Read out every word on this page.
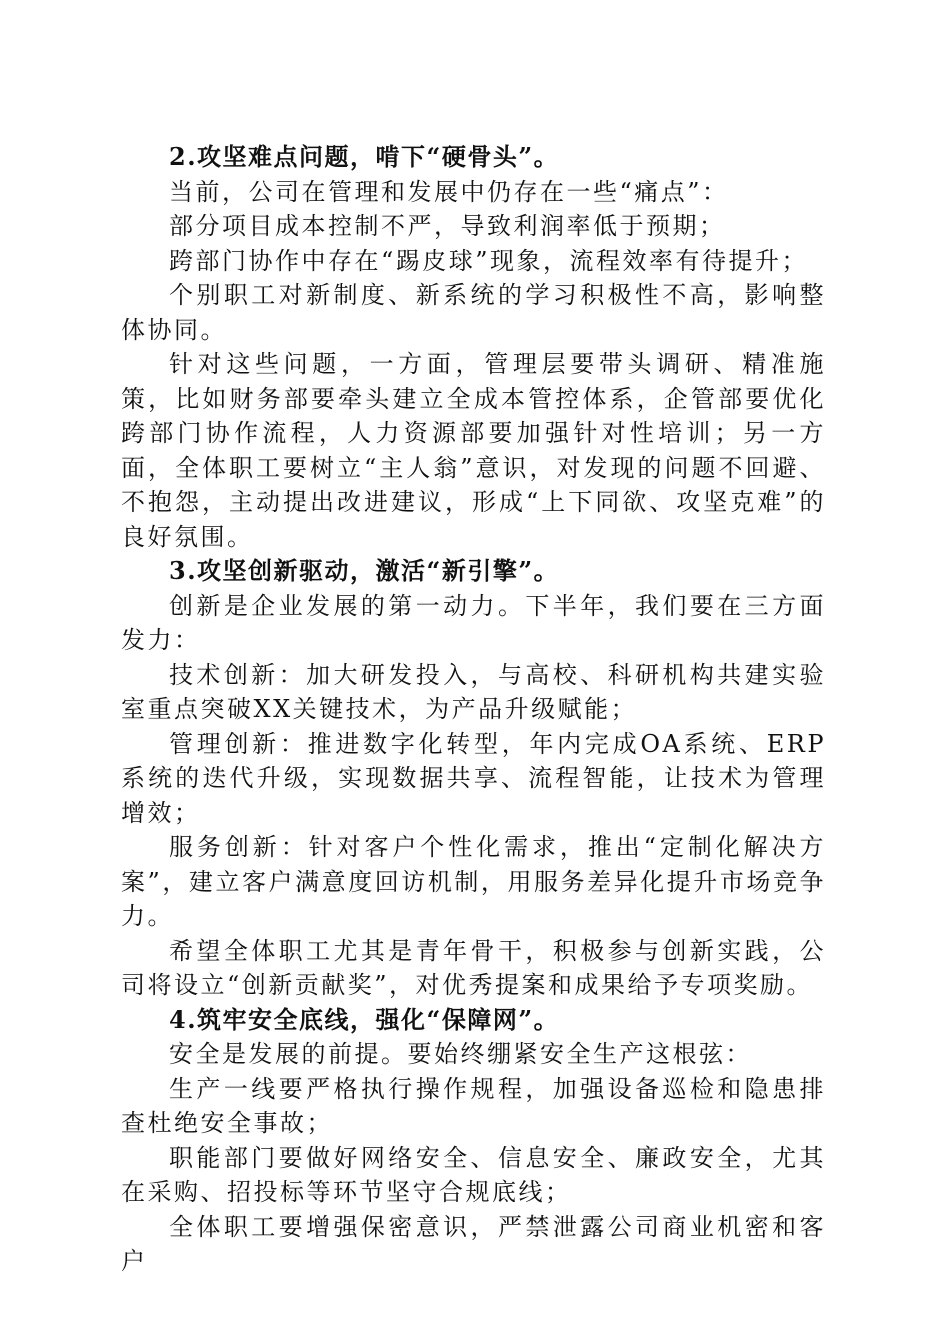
2.攻坚难点问题，啃下“硬骨头”。

当前，公司在管理和发展中仍存在一些“痛点”：

部分项目成本控制不严，导致利润率低于预期；

跨部门协作中存在“踢皮球”现象，流程效率有待提升；

个别职工对新制度、新系统的学习积极性不高，影响整体协同。

针对这些问题，一方面，管理层要带头调研、精准施策，比如财务部要牵头建立全成本管控体系，企管部要优化跨部门协作流程，人力资源部要加强针对性培训；另一方面，全体职工要树立“主人翁”意识，对发现的问题不回避、不抱怨，主动提出改进建议，形成“上下同欲、攻坚克难”的良好氛围。

3.攻坚创新驱动，激活“新引擎”。

创新是企业发展的第一动力。下半年，我们要在三方面发力：

技术创新：加大研发投入，与高校、科研机构共建实验室重点突破XX关键技术，为产品升级赋能；

管理创新：推进数字化转型，年内完成OA系统、ERP系统的迭代升级，实现数据共享、流程智能，让技术为管理增效；

服务创新：针对客户个性化需求，推出“定制化解决方案”，建立客户满意度回访机制，用服务差异化提升市场竞争力。

希望全体职工尤其是青年骨干，积极参与创新实践，公司将设立“创新贡献奖”，对优秀提案和成果给予专项奖励。

4.筑牢安全底线，强化“保障网”。

安全是发展的前提。要始终绷紧安全生产这根弦：

生产一线要严格执行操作规程，加强设备巡检和隐患排查杜绝安全事故；

职能部门要做好网络安全、信息安全、廉政安全，尤其在采购、招投标等环节坚守合规底线；

全体职工要增强保密意识，严禁泄露公司商业机密和客户
